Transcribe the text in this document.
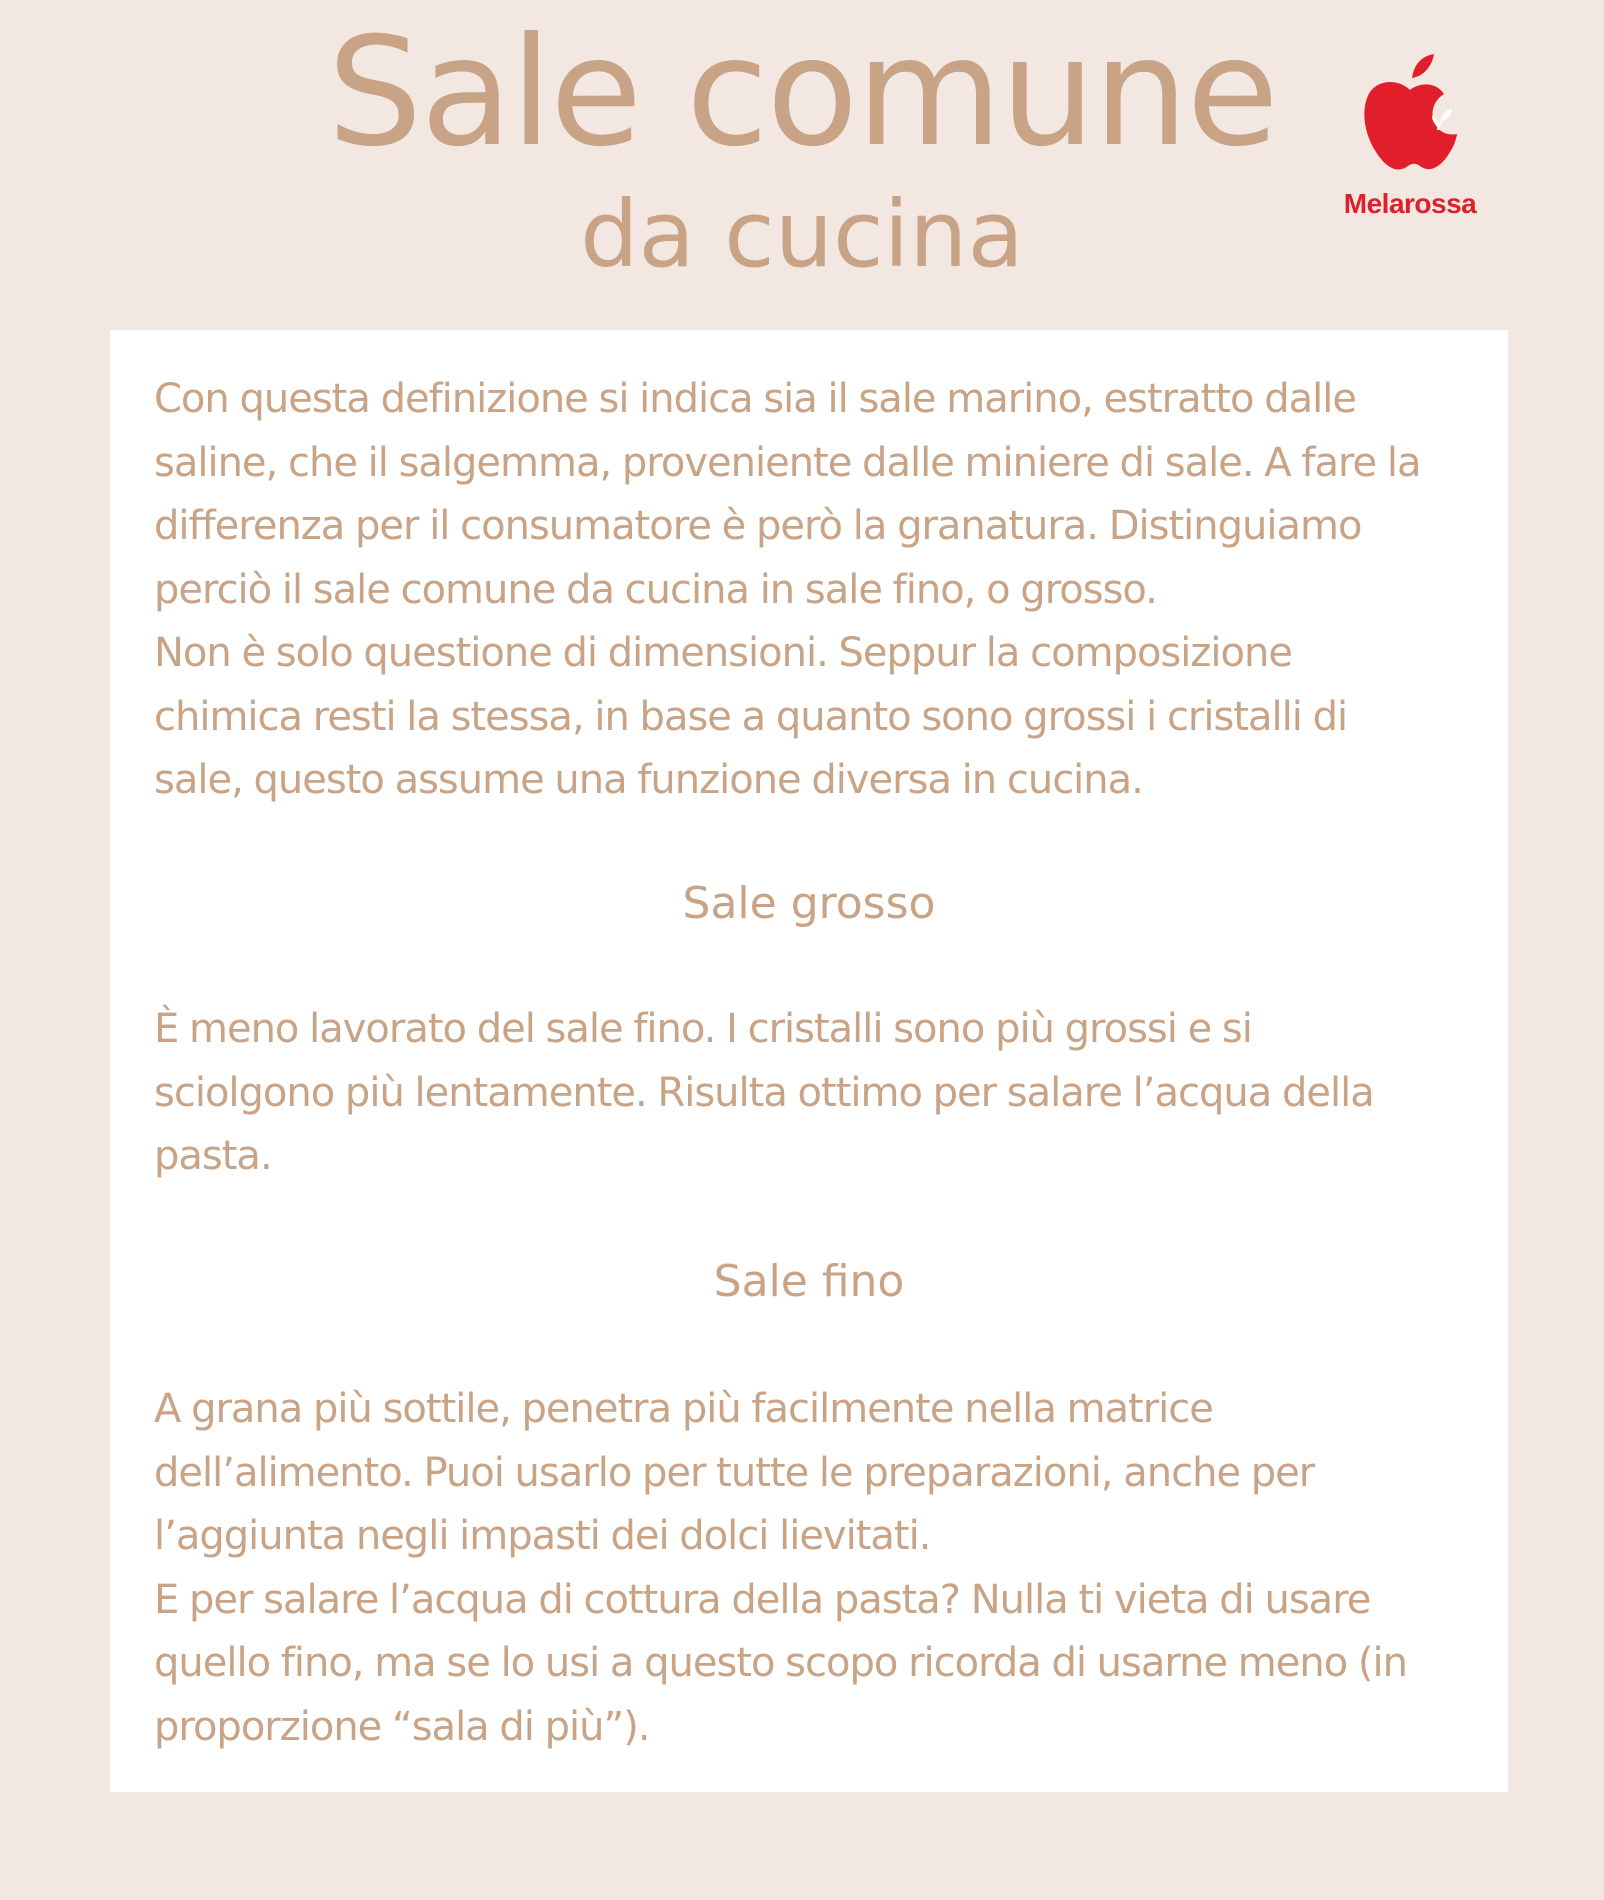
Sale comune
da cucina	Melarossa

Con questa definizione si indica sia il sale marino, estratto dalle
saline, che il salgemma, proveniente dalle miniere di sale. A fare la
differenza per il consumatore è però la granatura. Distinguiamo
perciò il sale comune da cucina in sale fino, o grosso.
Non è solo questione di dimensioni. Seppur la composizione
chimica resti la stessa, in base a quanto sono grossi i cristalli di
sale, questo assume una funzione diversa in cucina.

Sale grosso

È meno lavorato del sale fino. I cristalli sono più grossi e si
sciolgono più lentamente. Risulta ottimo per salare l’acqua della
pasta.

Sale fino

A grana più sottile, penetra più facilmente nella matrice
dell’alimento. Puoi usarlo per tutte le preparazioni, anche per
l’aggiunta negli impasti dei dolci lievitati.
E per salare l’acqua di cottura della pasta? Nulla ti vieta di usare
quello fino, ma se lo usi a questo scopo ricorda di usarne meno (in
proporzione “sala di più”).
